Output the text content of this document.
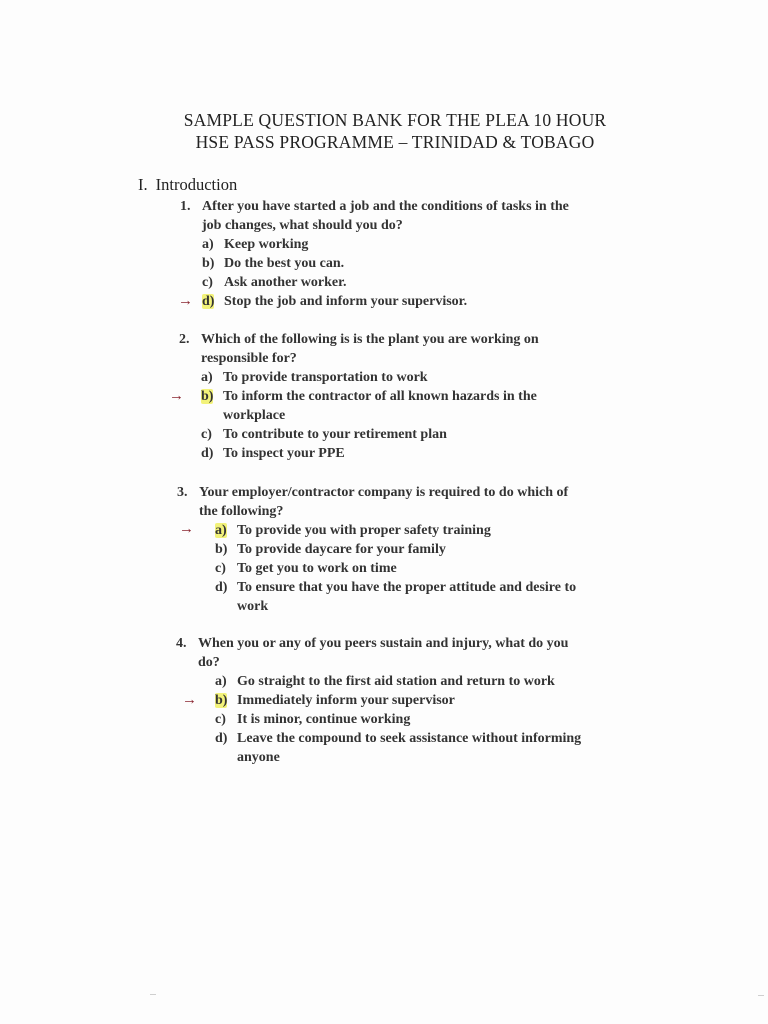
SAMPLE QUESTION BANK FOR THE PLEA 10 HOUR
HSE PASS PROGRAMME – TRINIDAD & TOBAGO
I. Introduction
1. After you have started a job and the conditions of tasks in the
job changes, what should you do?
a) Keep working
b) Do the best you can.
c) Ask another worker.
→ d) Stop the job and inform your supervisor.
2. Which of the following is is the plant you are working on
responsible for?
a) To provide transportation to work
→ b) To inform the contractor of all known hazards in the
workplace
c) To contribute to your retirement plan
d) To inspect your PPE
3. Your employer/contractor company is required to do which of
the following?
→ a) To provide you with proper safety training
b) To provide daycare for your family
c) To get you to work on time
d) To ensure that you have the proper attitude and desire to
work
4. When you or any of you peers sustain and injury, what do you
do?
a) Go straight to the first aid station and return to work
→ b) Immediately inform your supervisor
c) It is minor, continue working
d) Leave the compound to seek assistance without informing
anyone
